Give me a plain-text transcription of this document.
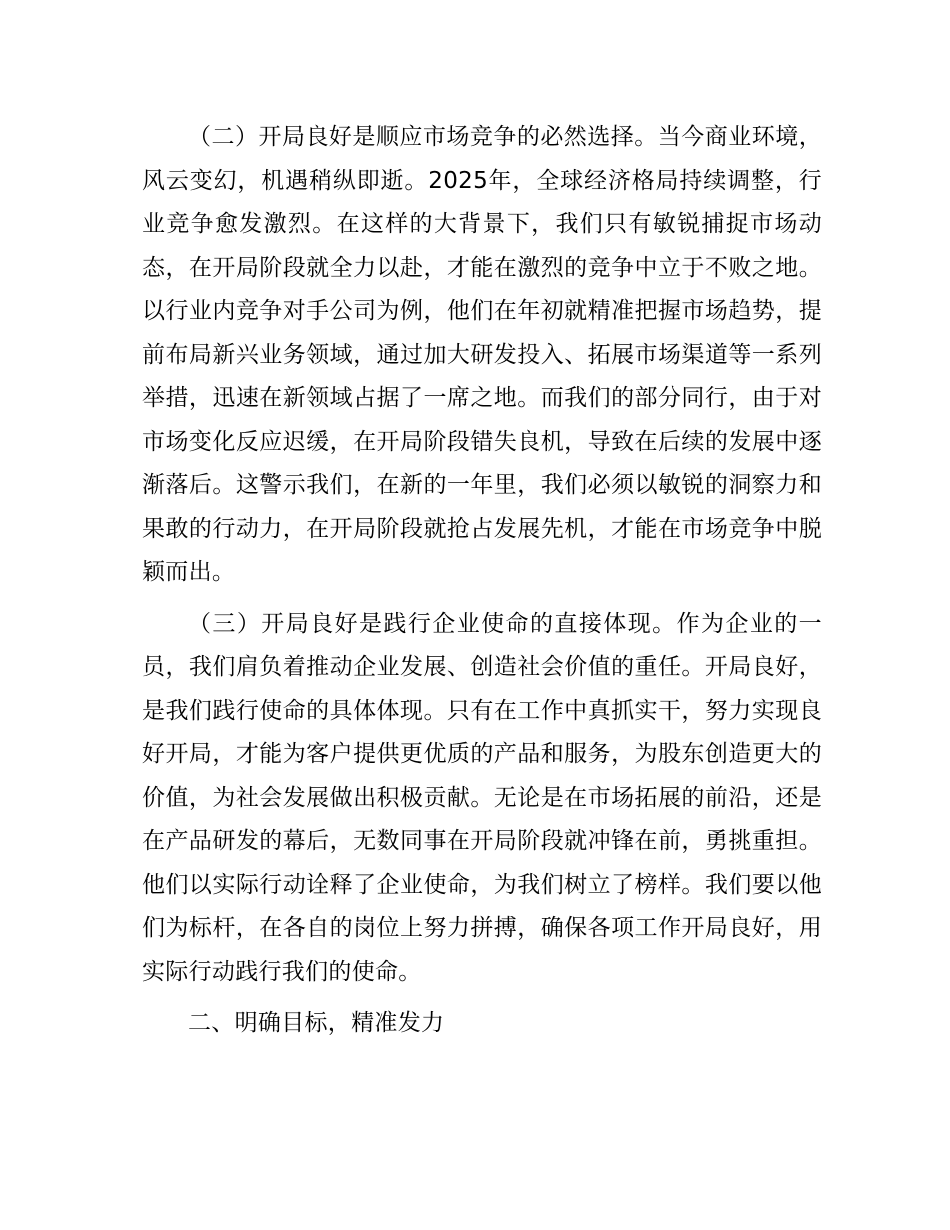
（二）开局良好是顺应市场竞争的必然选择。当今商业环境，风云变幻，机遇稍纵即逝。2025年，全球经济格局持续调整，行业竞争愈发激烈。在这样的大背景下，我们只有敏锐捕捉市场动态，在开局阶段就全力以赴，才能在激烈的竞争中立于不败之地。以行业内竞争对手公司为例，他们在年初就精准把握市场趋势，提前布局新兴业务领域，通过加大研发投入、拓展市场渠道等一系列举措，迅速在新领域占据了一席之地。而我们的部分同行，由于对市场变化反应迟缓，在开局阶段错失良机，导致在后续的发展中逐渐落后。这警示我们，在新的一年里，我们必须以敏锐的洞察力和果敢的行动力，在开局阶段就抢占发展先机，才能在市场竞争中脱颖而出。

（三）开局良好是践行企业使命的直接体现。作为企业的一员，我们肩负着推动企业发展、创造社会价值的重任。开局良好，是我们践行使命的具体体现。只有在工作中真抓实干，努力实现良好开局，才能为客户提供更优质的产品和服务，为股东创造更大的价值，为社会发展做出积极贡献。无论是在市场拓展的前沿，还是在产品研发的幕后，无数同事在开局阶段就冲锋在前，勇挑重担。他们以实际行动诠释了企业使命，为我们树立了榜样。我们要以他们为标杆，在各自的岗位上努力拼搏，确保各项工作开局良好，用实际行动践行我们的使命。

二、明确目标，精准发力
